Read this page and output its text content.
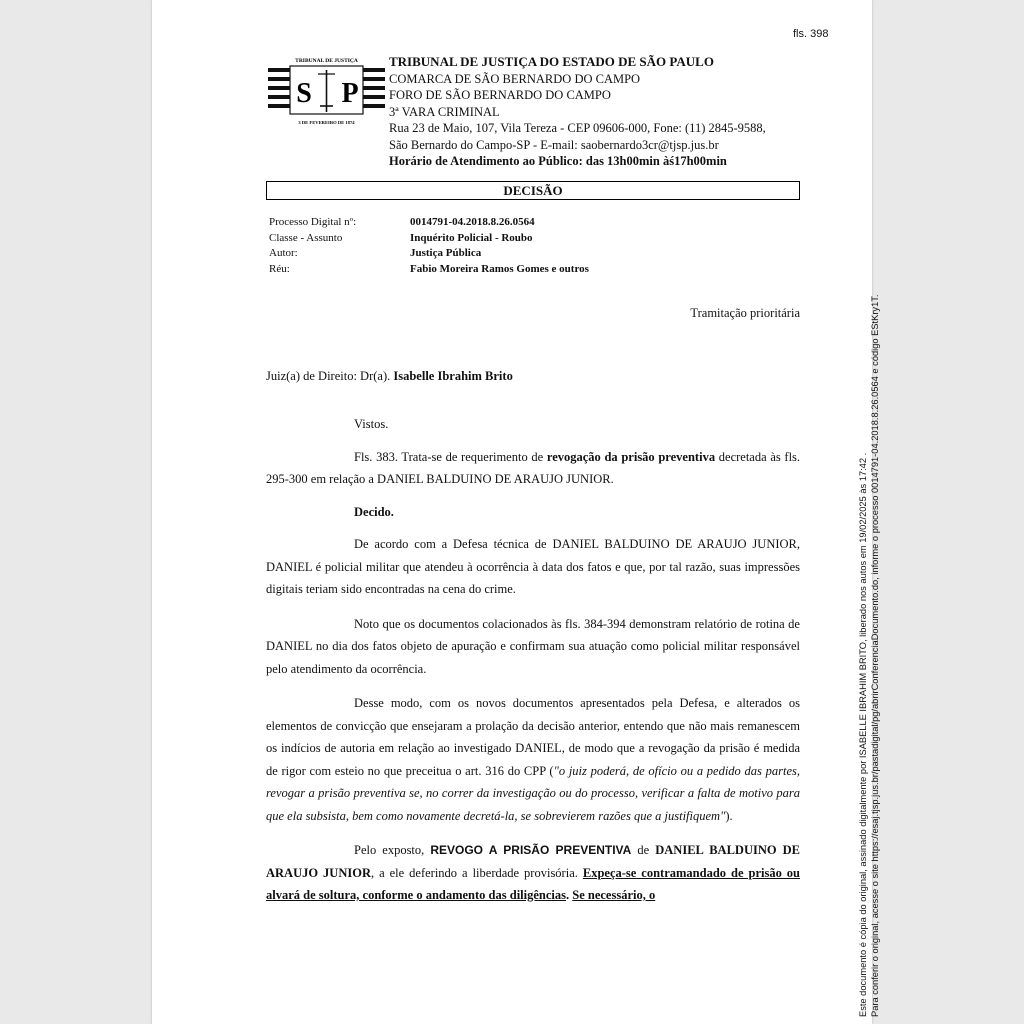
fls. 398
TRIBUNAL DE JUSTIÇA
S P
3 DE FEVEREIRO DE 1874
TRIBUNAL DE JUSTIÇA DO ESTADO DE SÃO PAULO
COMARCA DE SÃO BERNARDO DO CAMPO
FORO DE SÃO BERNARDO DO CAMPO
3ª VARA CRIMINAL
Rua 23 de Maio, 107, Vila Tereza - CEP 09606-000, Fone: (11) 2845-9588,
São Bernardo do Campo-SP - E-mail: saobernardo3cr@tjsp.jus.br
Horário de Atendimento ao Público: das 13h00min àś17h00min
DECISÃO
Processo Digital nº:	0014791-04.2018.8.26.0564
Classe - Assunto	Inquérito Policial - Roubo
Autor:	Justiça Pública
Réu:	Fabio Moreira Ramos Gomes e outros
Tramitação prioritária
Juiz(a) de Direito: Dr(a). Isabelle Ibrahim Brito

Vistos.

Fls. 383. Trata-se de requerimento de revogação da prisão preventiva decretada às fls. 295-300 em relação a DANIEL BALDUINO DE ARAUJO JUNIOR.

Decido.

De acordo com a Defesa técnica de DANIEL BALDUINO DE ARAUJO JUNIOR, DANIEL é policial militar que atendeu à ocorrência à data dos fatos e que, por tal razão, suas impressões digitais teriam sido encontradas na cena do crime.

Noto que os documentos colacionados às fls. 384-394 demonstram relatório de rotina de DANIEL no dia dos fatos objeto de apuração e confirmam sua atuação como policial militar responsável pelo atendimento da ocorrência.

Desse modo, com os novos documentos apresentados pela Defesa, e alterados os elementos de convicção que ensejaram a prolação da decisão anterior, entendo que não mais remanescem os indícios de autoria em relação ao investigado DANIEL, de modo que a revogação da prisão é medida de rigor com esteio no que preceitua o art. 316 do CPP ("o juiz poderá, de ofício ou a pedido das partes, revogar a prisão preventiva se, no correr da investigação ou do processo, verificar a falta de motivo para que ela subsista, bem como novamente decretá-la, se sobrevierem razões que a justifiquem").

Pelo exposto, REVOGO A PRISÃO PREVENTIVA de DANIEL BALDUINO DE ARAUJO JUNIOR, a ele deferindo a liberdade provisória. Expeça-se contramandado de prisão ou alvará de soltura, conforme o andamento das diligências. Se necessário, o	Este documento é cópia do original, assinado digitalmente por ISABELLE IBRAHIM BRITO, liberado nos autos em 19/02/2025 às 17:42 . Para conferir o original, acesse o site https://esaj.tjsp.jus.br/pastadigital/pg/abrirConferenciaDocumento.do, informe o processo 0014791-04.2018.8.26.0564 e código EStKry1T.
